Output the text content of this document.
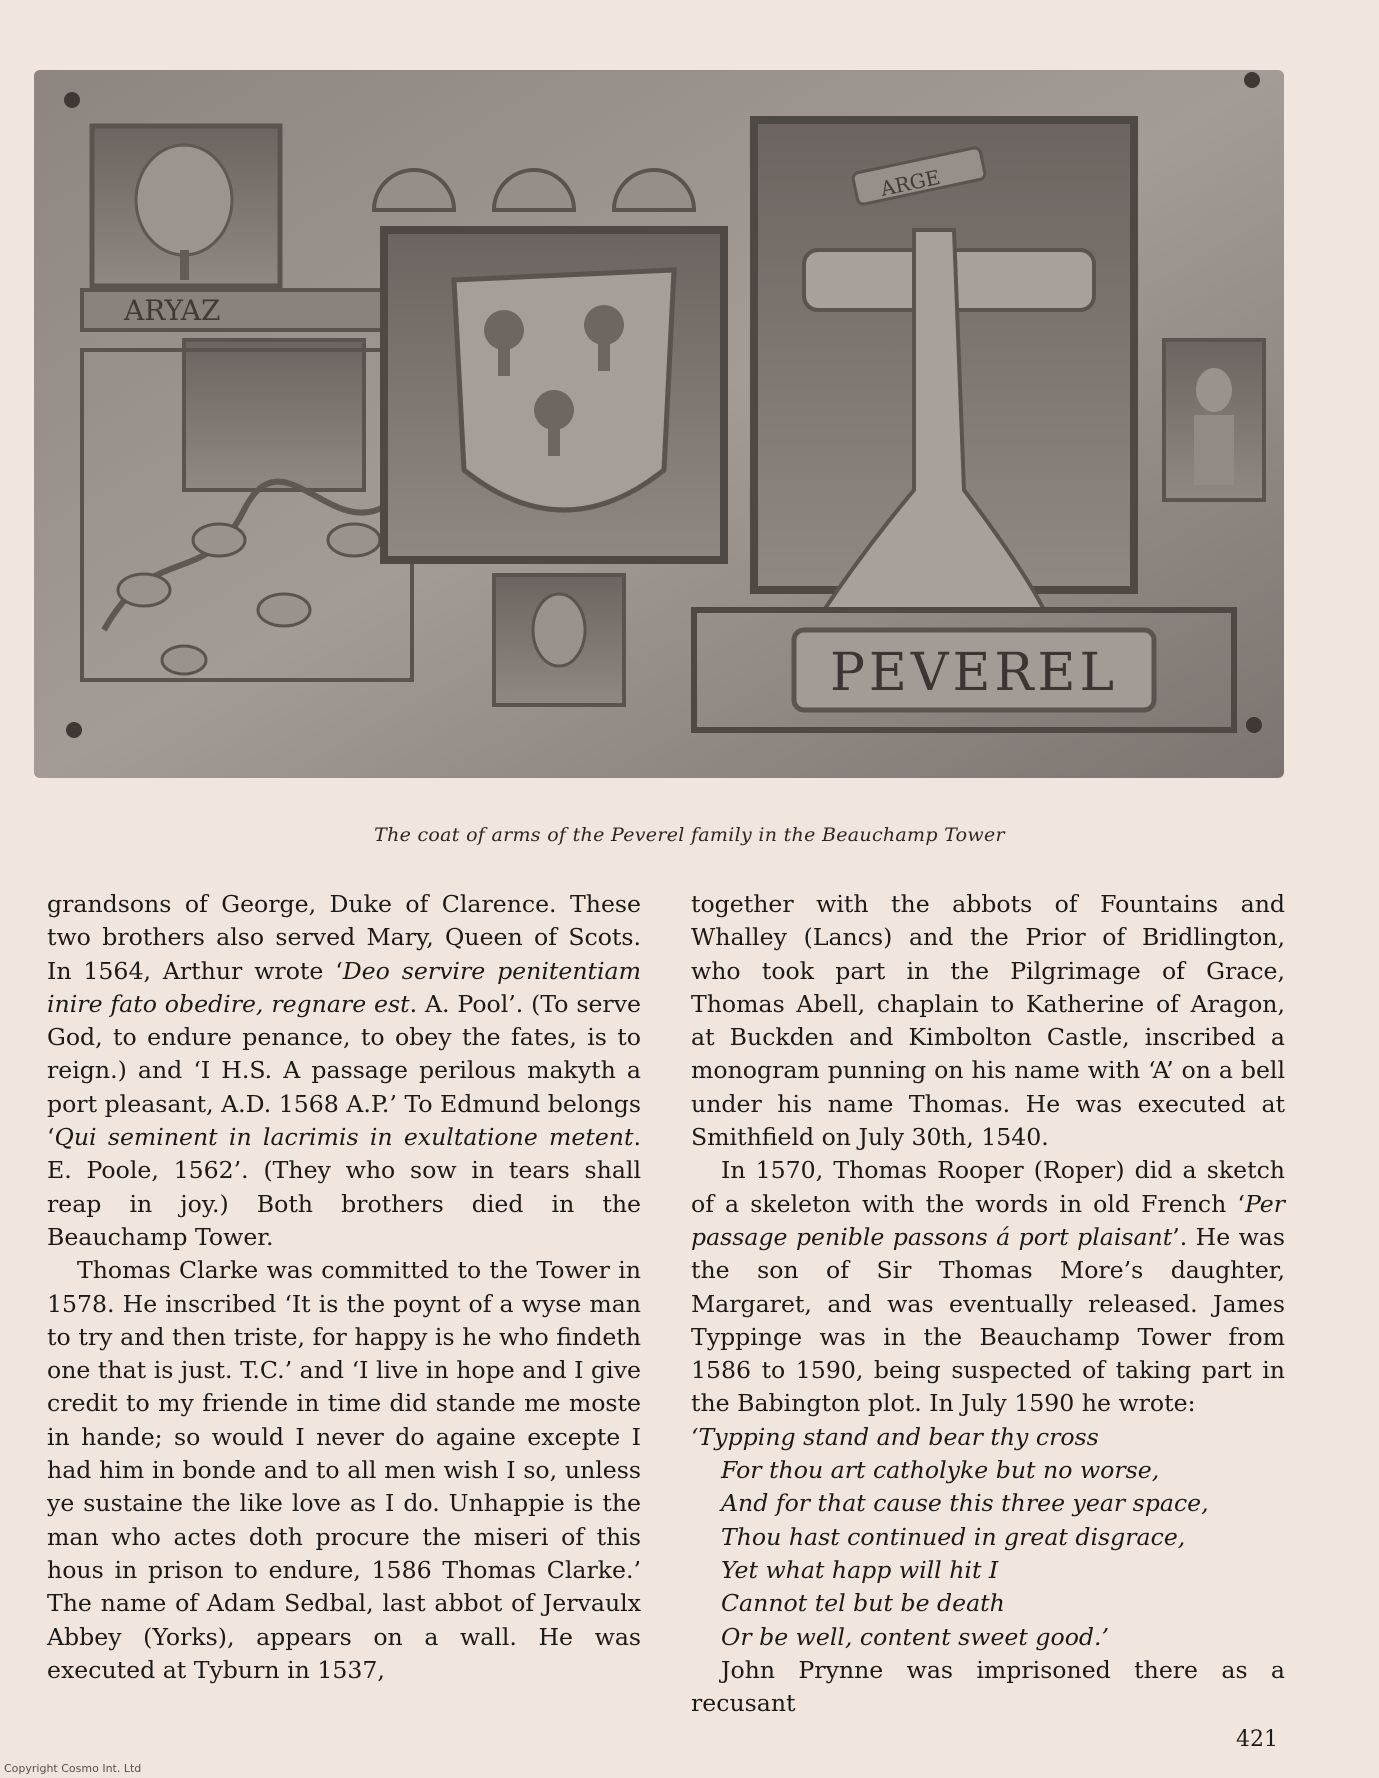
ARYAZ
ARGE
PEVEREL
The coat of arms of the Peverel family in the Beauchamp Tower

grandsons of George, Duke of Clarence. These two brothers also served Mary, Queen of Scots. In 1564, Arthur wrote ‘Deo servire penitentiam inire fato obedire, regnare est. A. Pool’. (To serve God, to endure penance, to obey the fates, is to reign.) and ‘I H.S. A passage perilous makyth a port pleasant, A.D. 1568 A.P.’ To Edmund belongs ‘Qui seminent in lacrimis in exultatione metent. E. Poole, 1562’. (They who sow in tears shall reap in joy.) Both brothers died in the Beauchamp Tower.

Thomas Clarke was committed to the Tower in 1578. He inscribed ‘It is the poynt of a wyse man to try and then triste, for happy is he who findeth one that is just. T.C.’ and ‘I live in hope and I give credit to my friende in time did stande me moste in hande; so would I never do againe excepte I had him in bonde and to all men wish I so, unless ye sustaine the like love as I do. Unhappie is the man who actes doth procure the miseri of this hous in prison to endure, 1586 Thomas Clarke.’ The name of Adam Sedbal, last abbot of Jervaulx Abbey (Yorks), appears on a wall. He was executed at Tyburn in 1537,

together with the abbots of Fountains and Whalley (Lancs) and the Prior of Bridlington, who took part in the Pilgrimage of Grace, Thomas Abell, chaplain to Katherine of Aragon, at Buckden and Kimbolton Castle, inscribed a monogram punning on his name with ‘A’ on a bell under his name Thomas. He was executed at Smithfield on July 30th, 1540.

In 1570, Thomas Rooper (Roper) did a sketch of a skeleton with the words in old French ‘Per passage penible passons á port plaisant’. He was the son of Sir Thomas More’s daughter, Margaret, and was eventually released. James Typpinge was in the Beauchamp Tower from 1586 to 1590, being suspected of taking part in the Babington plot. In July 1590 he wrote:

‘Typping stand and bear thy cross
For thou art catholyke but no worse,
And for that cause this three year space,
Thou hast continued in great disgrace,
Yet what happ will hit I
Cannot tel but be death
Or be well, content sweet good.’

John Prynne was imprisoned there as a recusant

421
Copyright Cosmo Int. Ltd
